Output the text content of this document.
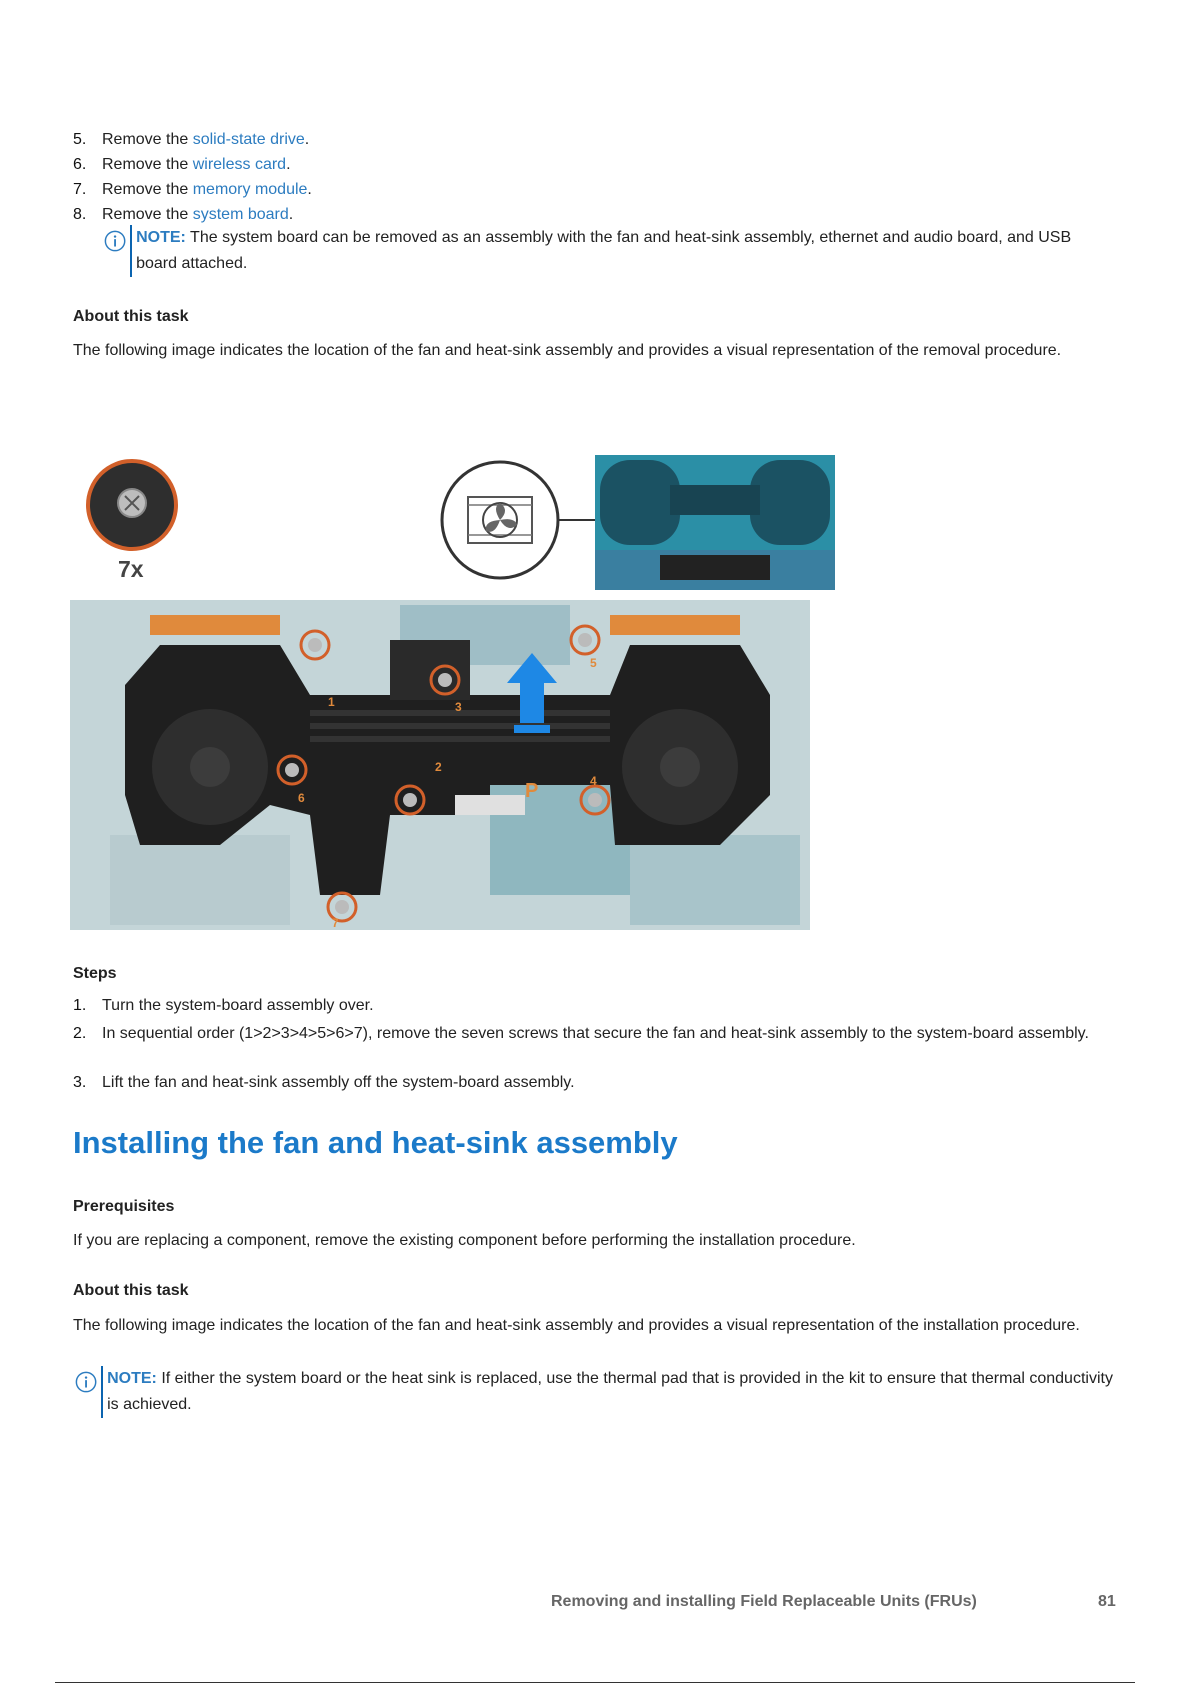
5. Remove the solid-state drive.
6. Remove the wireless card.
7. Remove the memory module.
8. Remove the system board.
NOTE: The system board can be removed as an assembly with the fan and heat-sink assembly, ethernet and audio board, and USB board attached.
About this task
The following image indicates the location of the fan and heat-sink assembly and provides a visual representation of the removal procedure.
7x
1
2
3
4
5
6
7
P
Steps
1. Turn the system-board assembly over.
2. In sequential order (1>2>3>4>5>6>7), remove the seven screws that secure the fan and heat-sink assembly to the system-board assembly.
3. Lift the fan and heat-sink assembly off the system-board assembly.
Installing the fan and heat-sink assembly
Prerequisites
If you are replacing a component, remove the existing component before performing the installation procedure.
About this task
The following image indicates the location of the fan and heat-sink assembly and provides a visual representation of the installation procedure.
NOTE: If either the system board or the heat sink is replaced, use the thermal pad that is provided in the kit to ensure that thermal conductivity is achieved.
Removing and installing Field Replaceable Units (FRUs)	81
